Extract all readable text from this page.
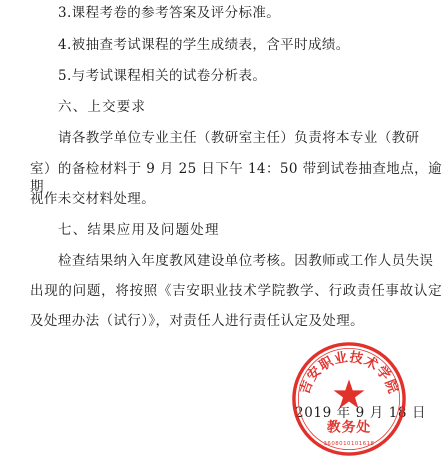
3.课程考卷的参考答案及评分标准。
4.被抽查考试课程的学生成绩表，含平时成绩。
5.与考试课程相关的试卷分析表。
六、上交要求
请各教学单位专业主任（教研室主任）负责将本专业（教研
室）的备检材料于 9 月 25 日下午 14：50 带到试卷抽查地点，逾期
视作未交材料处理。
七、结果应用及问题处理
检查结果纳入年度教风建设单位考核。因教师或工作人员失误
出现的问题，将按照《吉安职业技术学院教学、行政责任事故认定
及处理办法（试行）》，对责任人进行责任认定及处理。
2019 年 9 月 18 日
吉安职业技术学院
教务处
3608010101618
